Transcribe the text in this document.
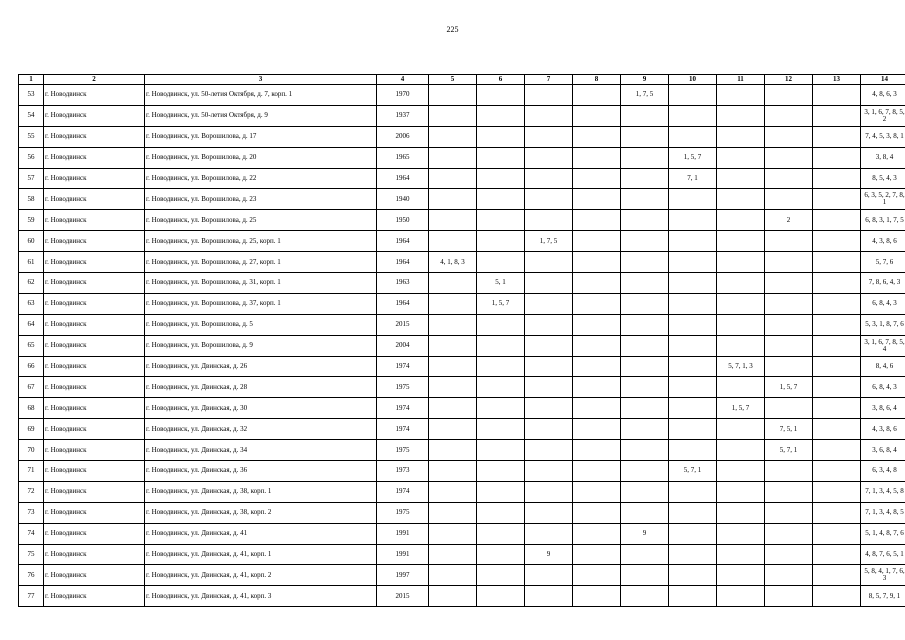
225
1	2	3	4	5	6	7	8	9	10	11	12	13	14
53	г. Новодвинск	г. Новодвинск, ул. 50-летия Октября, д. 7, корп. 1	1970					1, 7, 5					4, 8, 6, 3
54	г. Новодвинск	г. Новодвинск, ул. 50-летия Октября, д. 9	1937										3, 1, 6, 7, 8, 5, 2
55	г. Новодвинск	г. Новодвинск, ул. Ворошилова, д. 17	2006										7, 4, 5, 3, 8, 1
56	г. Новодвинск	г. Новодвинск, ул. Ворошилова, д. 20	1965						1, 5, 7				3, 8, 4
57	г. Новодвинск	г. Новодвинск, ул. Ворошилова, д. 22	1964						7, 1				8, 5, 4, 3
58	г. Новодвинск	г. Новодвинск, ул. Ворошилова, д. 23	1940										6, 3, 5, 2, 7, 8, 1
59	г. Новодвинск	г. Новодвинск, ул. Ворошилова, д. 25	1950								2		6, 8, 3, 1, 7, 5
60	г. Новодвинск	г. Новодвинск, ул. Ворошилова, д. 25, корп. 1	1964			1, 7, 5							4, 3, 8, 6
61	г. Новодвинск	г. Новодвинск, ул. Ворошилова, д. 27, корп. 1	1964	4, 1, 8, 3									5, 7, 6
62	г. Новодвинск	г. Новодвинск, ул. Ворошилова, д. 31, корп. 1	1963		5, 1								7, 8, 6, 4, 3
63	г. Новодвинск	г. Новодвинск, ул. Ворошилова, д. 37, корп. 1	1964		1, 5, 7								6, 8, 4, 3
64	г. Новодвинск	г. Новодвинск, ул. Ворошилова, д. 5	2015										5, 3, 1, 8, 7, 6
65	г. Новодвинск	г. Новодвинск, ул. Ворошилова, д. 9	2004										3, 1, 6, 7, 8, 5, 4
66	г. Новодвинск	г. Новодвинск, ул. Двинская, д. 26	1974							5, 7, 1, 3			8, 4, 6
67	г. Новодвинск	г. Новодвинск, ул. Двинская, д. 28	1975								1, 5, 7		6, 8, 4, 3
68	г. Новодвинск	г. Новодвинск, ул. Двинская, д. 30	1974							1, 5, 7			3, 8, 6, 4
69	г. Новодвинск	г. Новодвинск, ул. Двинская, д. 32	1974								7, 5, 1		4, 3, 8, 6
70	г. Новодвинск	г. Новодвинск, ул. Двинская, д. 34	1975								5, 7, 1		3, 6, 8, 4
71	г. Новодвинск	г. Новодвинск, ул. Двинская, д. 36	1973						5, 7, 1				6, 3, 4, 8
72	г. Новодвинск	г. Новодвинск, ул. Двинская, д. 38, корп. 1	1974										7, 1, 3, 4, 5, 8
73	г. Новодвинск	г. Новодвинск, ул. Двинская, д. 38, корп. 2	1975										7, 1, 3, 4, 8, 5
74	г. Новодвинск	г. Новодвинск, ул. Двинская, д. 41	1991					9					5, 1, 4, 8, 7, 6
75	г. Новодвинск	г. Новодвинск, ул. Двинская, д. 41, корп. 1	1991			9							4, 8, 7, 6, 5, 1
76	г. Новодвинск	г. Новодвинск, ул. Двинская, д. 41, корп. 2	1997										5, 8, 4, 1, 7, 6, 3
77	г. Новодвинск	г. Новодвинск, ул. Двинская, д. 41, корп. 3	2015										8, 5, 7, 9, 1
